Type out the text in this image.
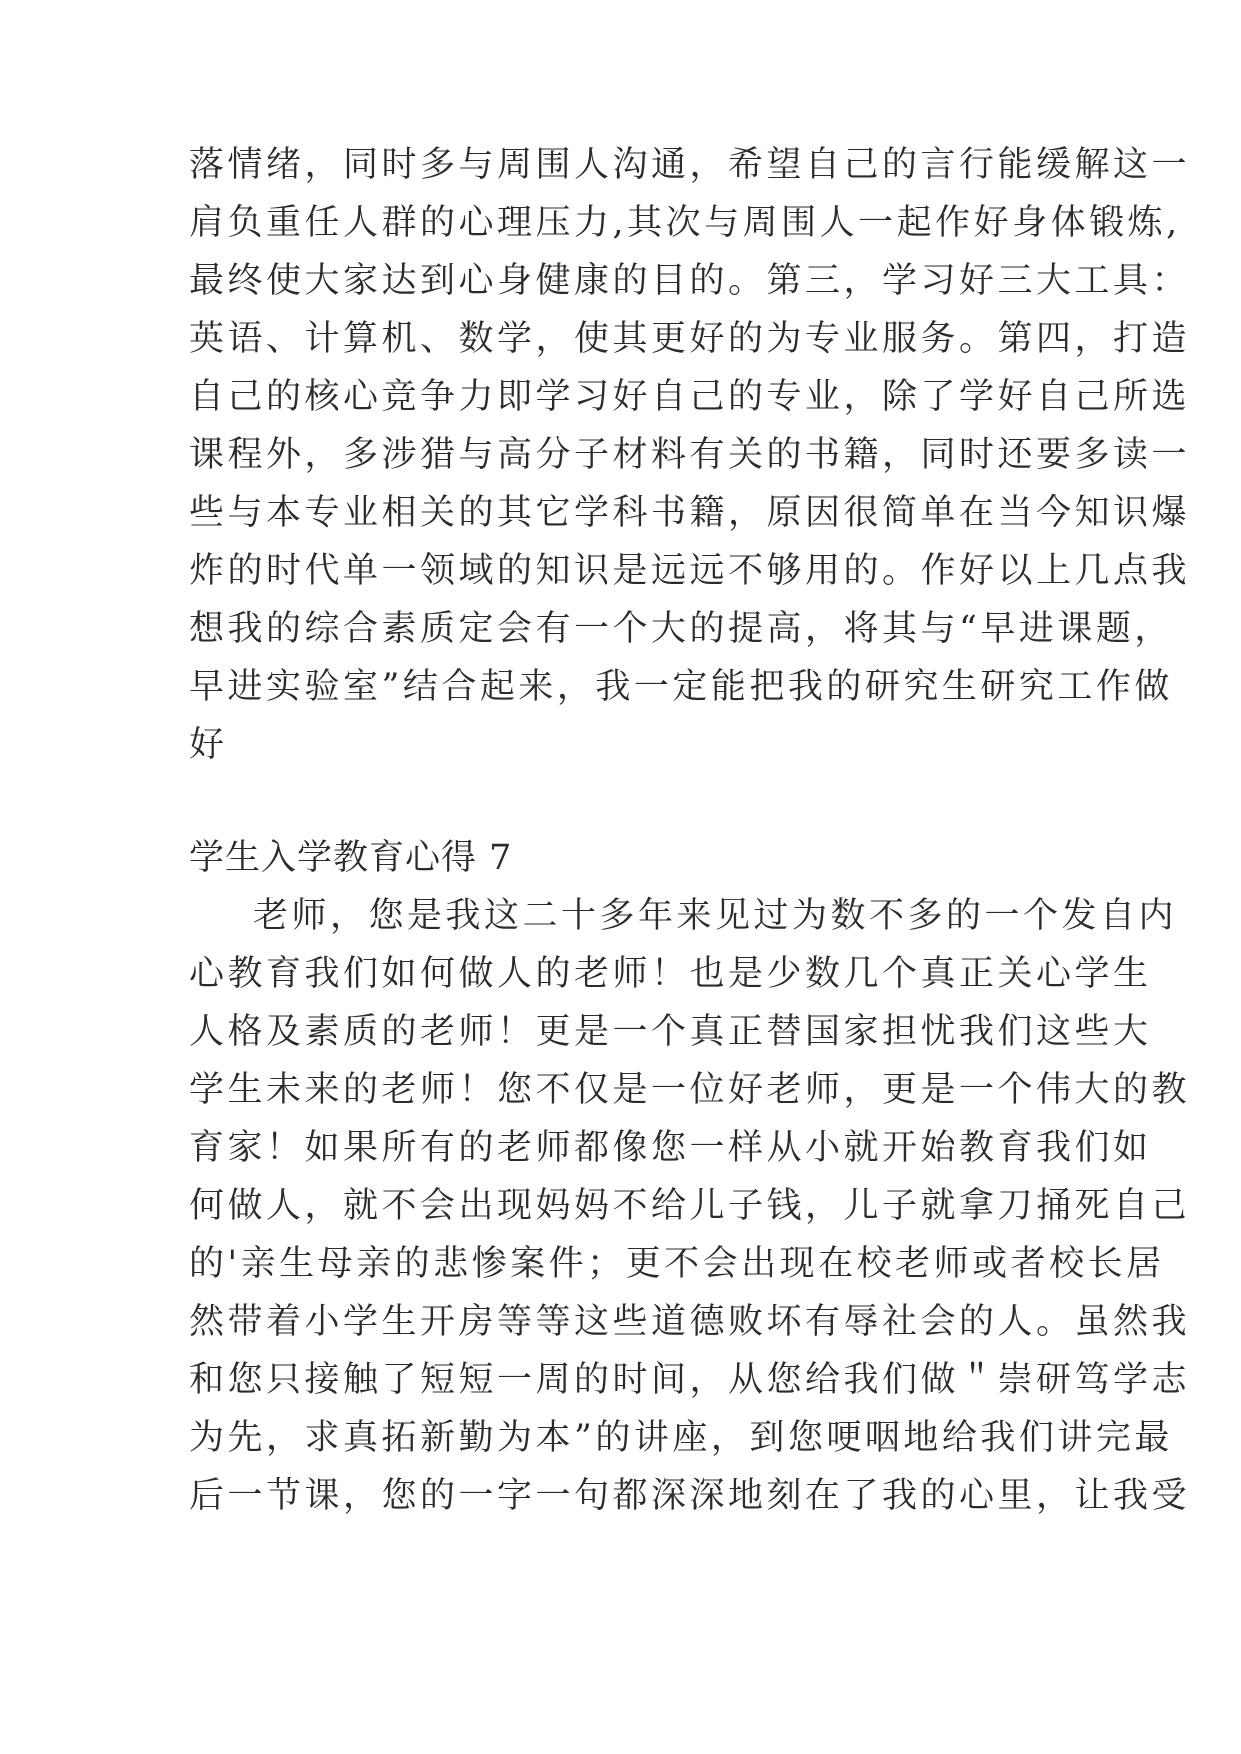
落情绪，同时多与周围人沟通，希望自己的言行能缓解这一
肩负重任人群的心理压力,其次与周围人一起作好身体锻炼,
最终使大家达到心身健康的目的。第三，学习好三大工具：
英语、计算机、数学，使其更好的为专业服务。第四，打造
自己的核心竞争力即学习好自己的专业，除了学好自己所选
课程外，多涉猎与高分子材料有关的书籍，同时还要多读一
些与本专业相关的其它学科书籍，原因很简单在当今知识爆
炸的时代单一领域的知识是远远不够用的。作好以上几点我
想我的综合素质定会有一个大的提高，将其与“早进课题，
早进实验室”结合起来，我一定能把我的研究生研究工作做
好
学生入学教育心得 7
老师，您是我这二十多年来见过为数不多的一个发自内
心教育我们如何做人的老师！也是少数几个真正关心学生
人格及素质的老师！更是一个真正替国家担忧我们这些大
学生未来的老师！您不仅是一位好老师，更是一个伟大的教
育家！如果所有的老师都像您一样从小就开始教育我们如
何做人，就不会出现妈妈不给儿子钱，儿子就拿刀捅死自己
的'亲生母亲的悲惨案件；更不会出现在校老师或者校长居
然带着小学生开房等等这些道德败坏有辱社会的人。虽然我
和您只接触了短短一周的时间，从您给我们做＂崇研笃学志
为先，求真拓新勤为本”的讲座，到您哽咽地给我们讲完最
后一节课，您的一字一句都深深地刻在了我的心里，让我受
